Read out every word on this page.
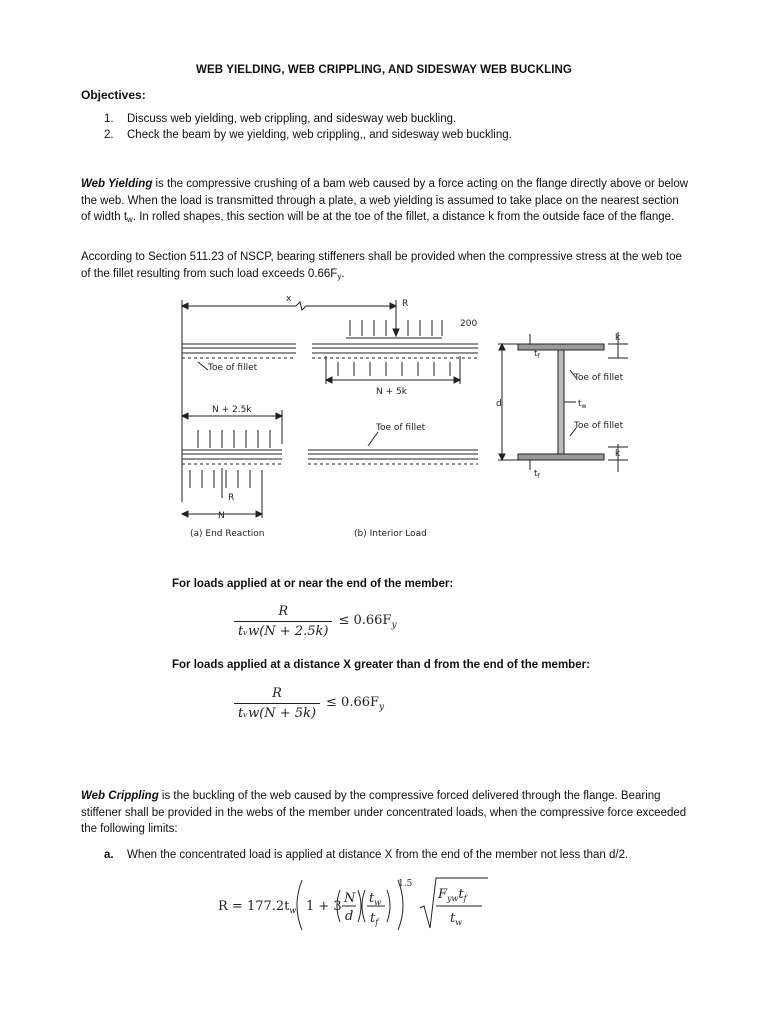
WEB YIELDING, WEB CRIPPLING, AND SIDESWAY WEB BUCKLING
Objectives:
1. Discuss web yielding, web crippling, and sidesway web buckling.
2. Check the beam by we yielding, web crippling,, and sidesway web buckling.

Web Yielding is the compressive crushing of a bam web caused by a force acting on the flange directly above or below the web. When the load is transmitted through a plate, a web yielding is assumed to take place on the nearest section of width $t_w$. In rolled shapes, this section will be at the toe of the fillet, a distance k from the outside face of the flange.

According to Section 511.23 of NSCP, bearing stiffeners shall be provided when the compressive stress at the web toe of the fillet resulting from such load exceeds $0.66F_y$.

x	R
200
Toe of fillet
N + 5k
N + 2.5k
Toe of fillet
R
N
(a) End Reaction	(b) Interior Load
d
k
$t_f$
Toe of fillet
$t_w$
Toe of fillet
k
$t_f$
For loads applied at or near the end of the member:
$\frac{R}{\text{tᵥw(N + 2.5k)}} \le 0.66F_y$
For loads applied at a distance X greater than d from the end of the member:
$\frac{R}{\text{tᵥw(N + 5k)}} \le 0.66F_y$

Web Crippling is the buckling of the web caused by the compressive forced delivered through the flange. Bearing stiffener shall be provided in the webs of the member under concentrated loads, when the compressive force exceeded the following limits:

a. When the concentrated load is applied at distance X from the end of the member not less than d/2.
$R = 177.2t_w$ 1 + 3
N
d
$t_w$
$t_f$
1.5
$F_{yw}t_f$
$t_w$
